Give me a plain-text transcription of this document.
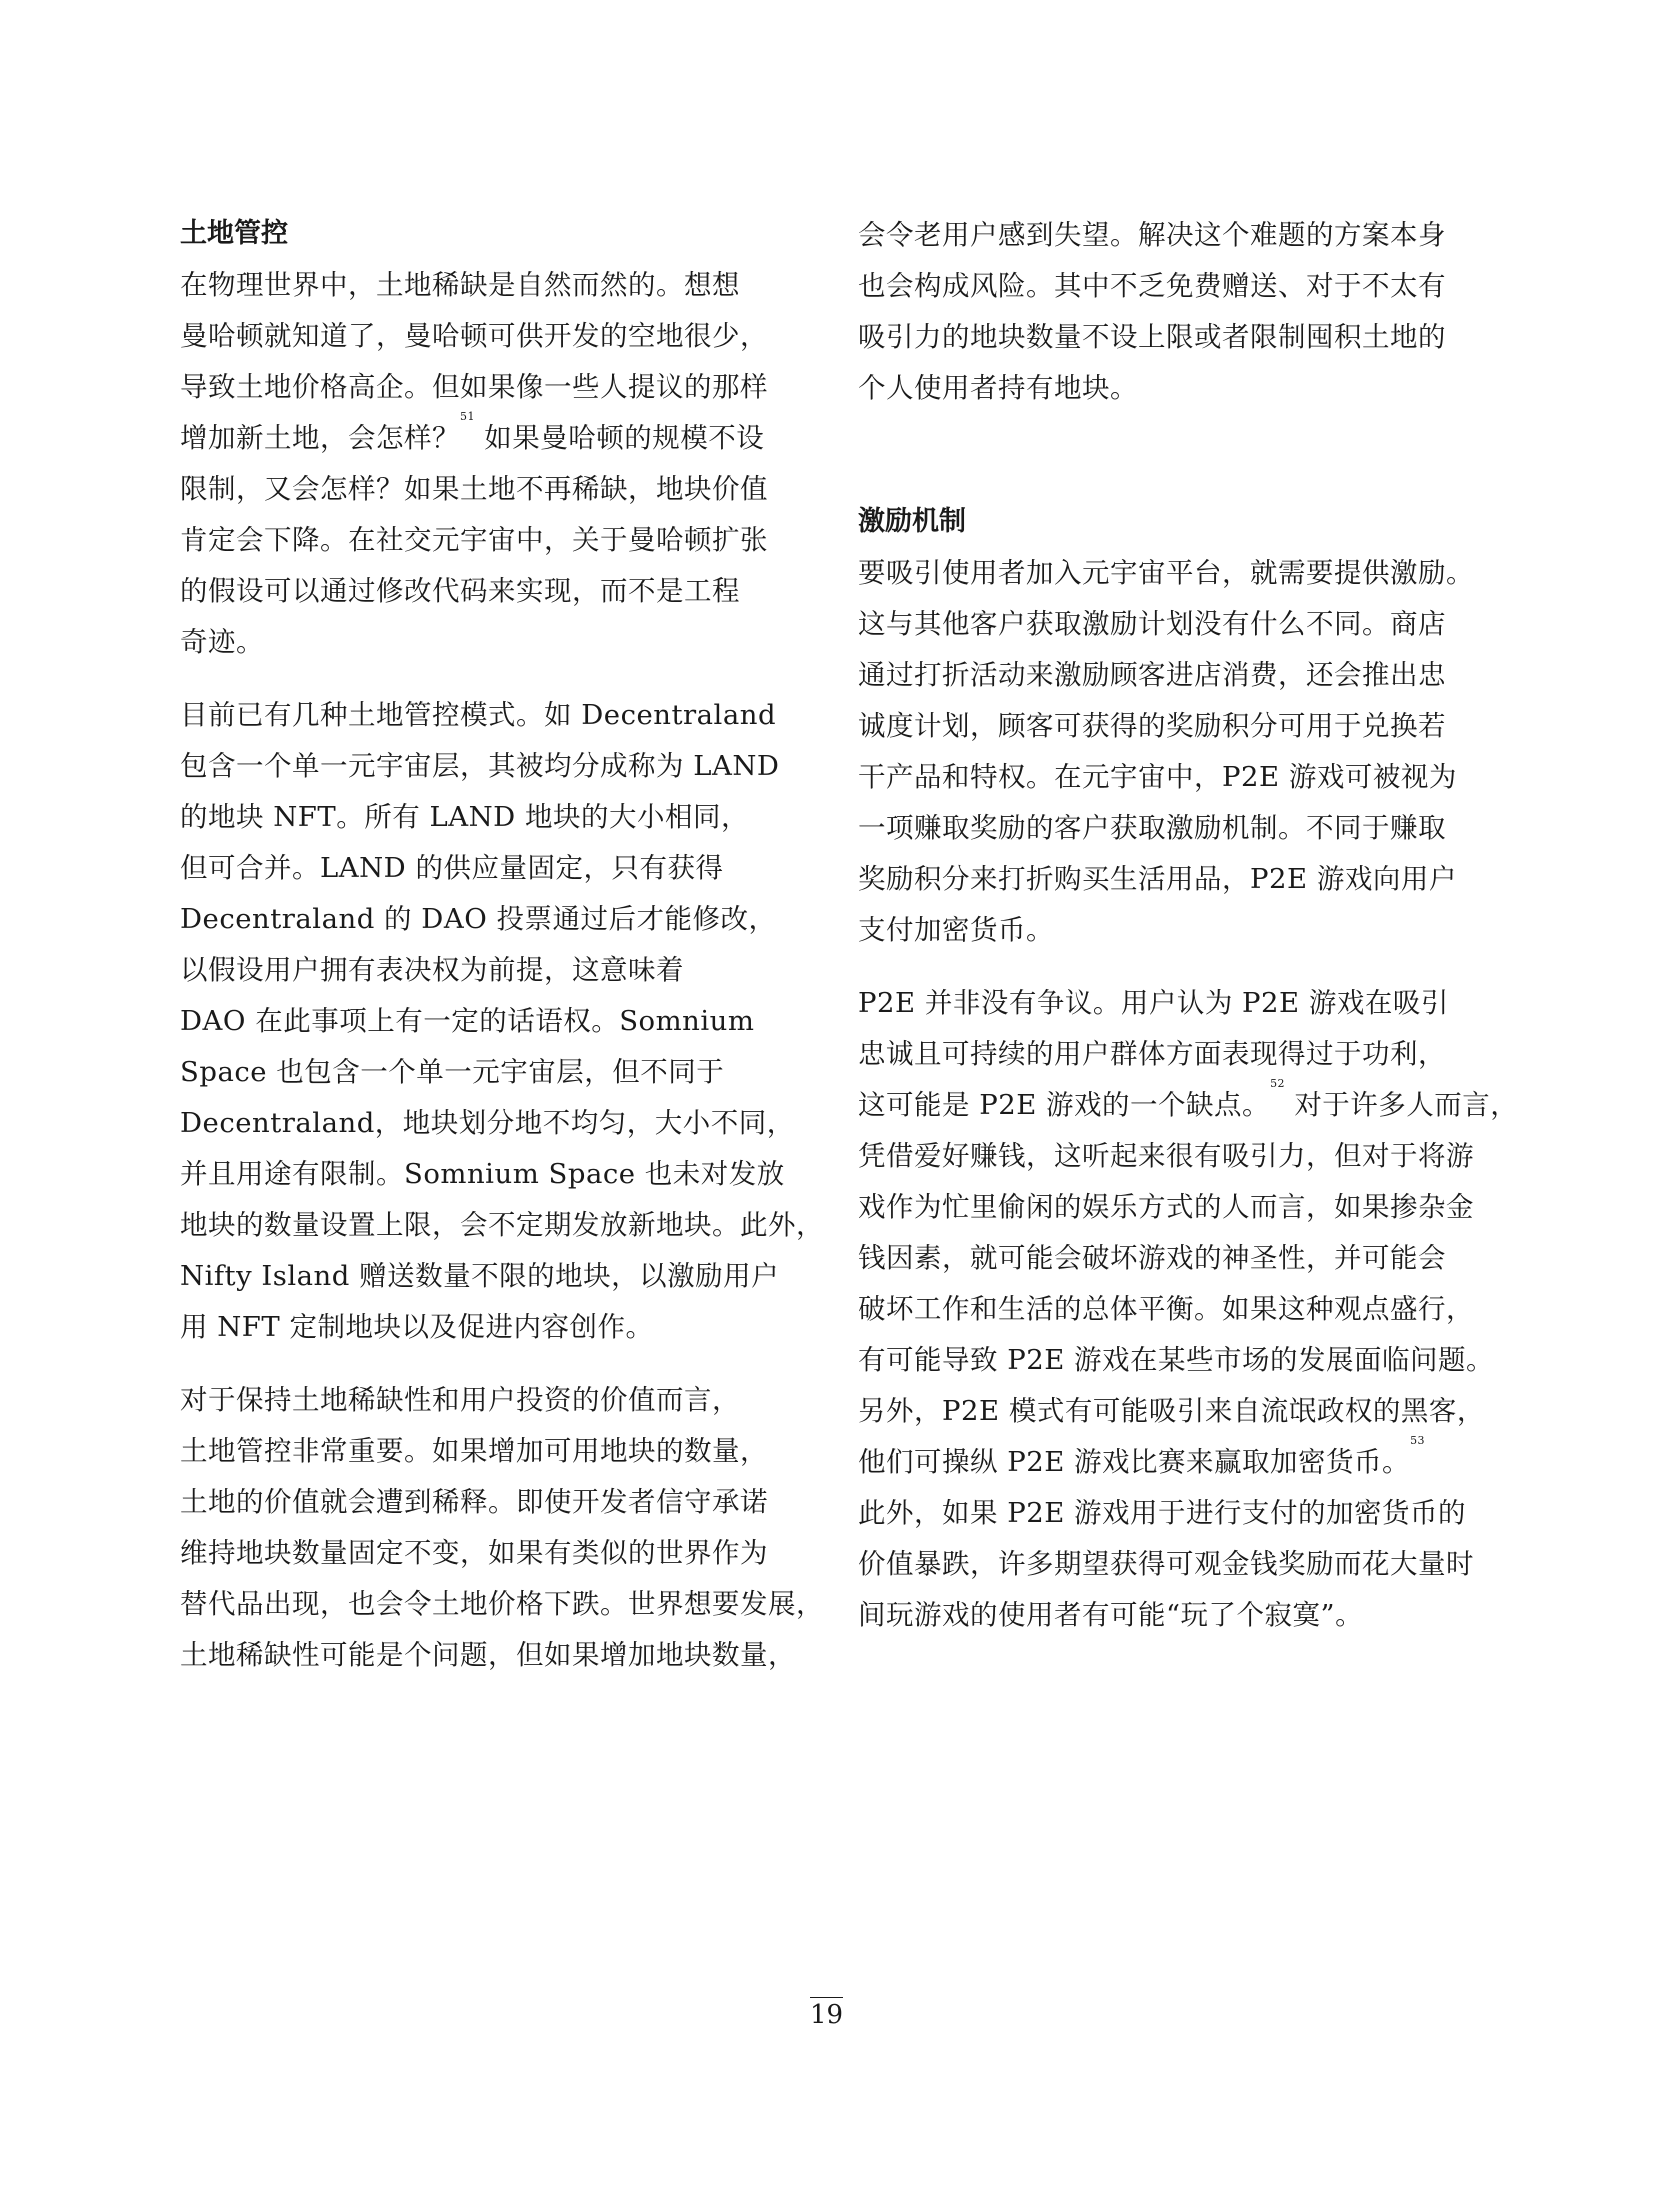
土地管控

在物理世界中，土地稀缺是自然而然的。想想
曼哈顿就知道了，曼哈顿可供开发的空地很少，
导致土地价格高企。但如果像一些人提议的那样
增加新土地，会怎样？$^{51}$ 如果曼哈顿的规模不设
限制，又会怎样？如果土地不再稀缺，地块价值
肯定会下降。在社交元宇宙中，关于曼哈顿扩张
的假设可以通过修改代码来实现，而不是工程
奇迹。

目前已有几种土地管控模式。如 Decentraland
包含一个单一元宇宙层，其被均分成称为 LAND
的地块 NFT。所有 LAND 地块的大小相同，
但可合并。LAND 的供应量固定，只有获得
Decentraland 的 DAO 投票通过后才能修改，
以假设用户拥有表决权为前提，这意味着
DAO 在此事项上有一定的话语权。Somnium
Space 也包含一个单一元宇宙层，但不同于
Decentraland，地块划分地不均匀，大小不同，
并且用途有限制。Somnium Space 也未对发放
地块的数量设置上限，会不定期发放新地块。此外，
Nifty Island 赠送数量不限的地块，以激励用户
用 NFT 定制地块以及促进内容创作。

对于保持土地稀缺性和用户投资的价值而言，
土地管控非常重要。如果增加可用地块的数量，
土地的价值就会遭到稀释。即使开发者信守承诺
维持地块数量固定不变，如果有类似的世界作为
替代品出现，也会令土地价格下跌。世界想要发展，
土地稀缺性可能是个问题，但如果增加地块数量，

会令老用户感到失望。解决这个难题的方案本身
也会构成风险。其中不乏免费赠送、对于不太有
吸引力的地块数量不设上限或者限制囤积土地的
个人使用者持有地块。

激励机制

要吸引使用者加入元宇宙平台，就需要提供激励。
这与其他客户获取激励计划没有什么不同。商店
通过打折活动来激励顾客进店消费，还会推出忠
诚度计划，顾客可获得的奖励积分可用于兑换若
干产品和特权。在元宇宙中，P2E 游戏可被视为
一项赚取奖励的客户获取激励机制。不同于赚取
奖励积分来打折购买生活用品，P2E 游戏向用户
支付加密货币。

P2E 并非没有争议。用户认为 P2E 游戏在吸引
忠诚且可持续的用户群体方面表现得过于功利，
这可能是 P2E 游戏的一个缺点。$^{52}$ 对于许多人而言，
凭借爱好赚钱，这听起来很有吸引力，但对于将游
戏作为忙里偷闲的娱乐方式的人而言，如果掺杂金
钱因素，就可能会破坏游戏的神圣性，并可能会
破坏工作和生活的总体平衡。如果这种观点盛行，
有可能导致 P2E 游戏在某些市场的发展面临问题。
另外，P2E 模式有可能吸引来自流氓政权的黑客，
他们可操纵 P2E 游戏比赛来赢取加密货币。$^{53}$
此外，如果 P2E 游戏用于进行支付的加密货币的
价值暴跌，许多期望获得可观金钱奖励而花大量时
间玩游戏的使用者有可能“玩了个寂寞”。

19
